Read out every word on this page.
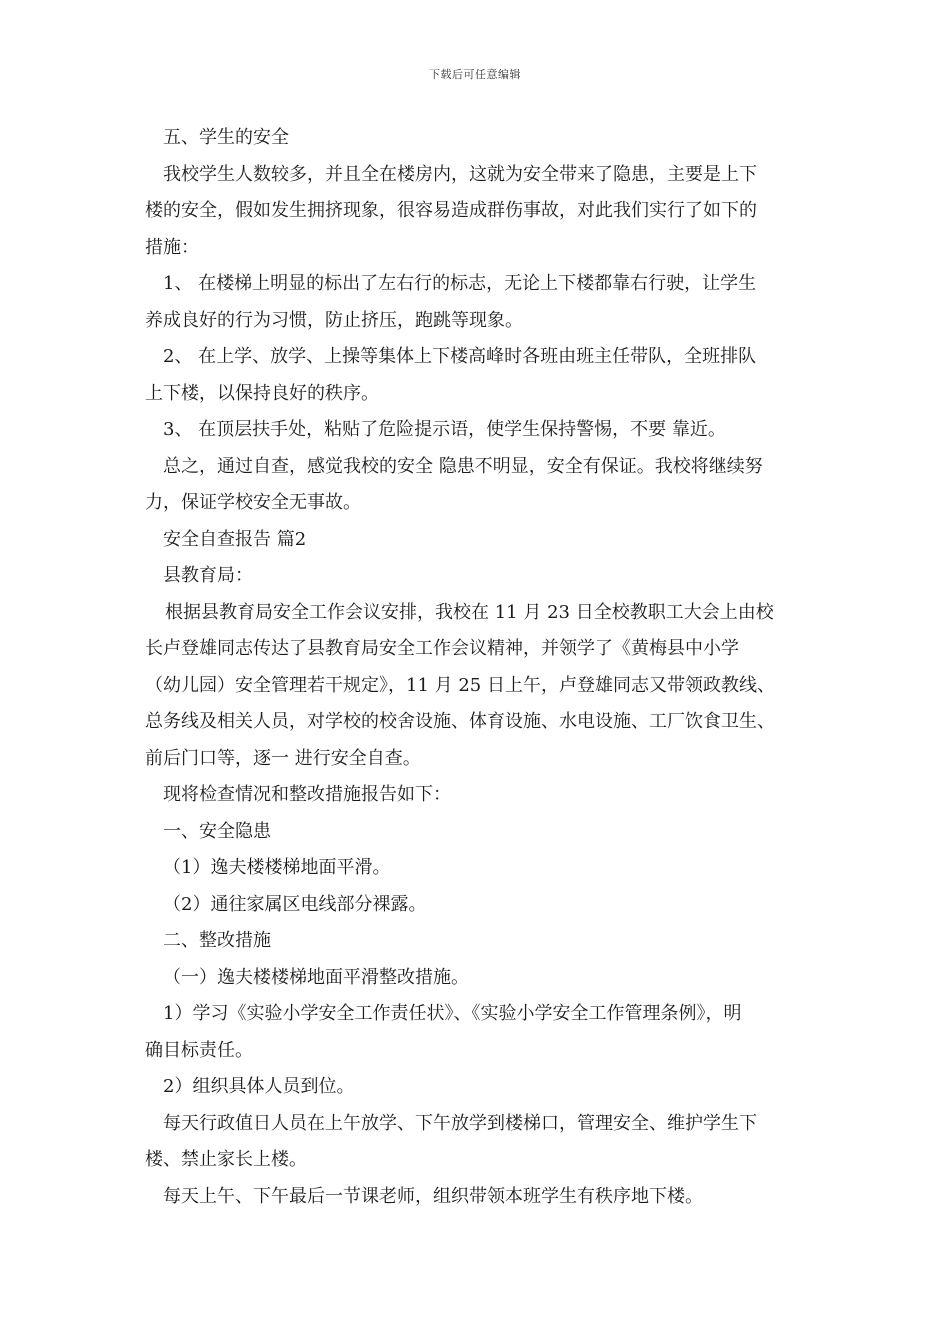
下载后可任意编辑
五、学生的安全
我校学生人数较多，并且全在楼房内，这就为安全带来了隐患，主要是上下
楼的安全，假如发生拥挤现象，很容易造成群伤事故，对此我们实行了如下的
措施：
1、 在楼梯上明显的标出了左右行的标志，无论上下楼都靠右行驶，让学生
养成良好的行为习惯，防止挤压，跑跳等现象。
2、 在上学、放学、上操等集体上下楼高峰时各班由班主任带队，全班排队
上下楼，以保持良好的秩序。
3、 在顶层扶手处，粘贴了危险提示语，使学生保持警惕，不要 靠近。
总之，通过自查，感觉我校的安全 隐患不明显，安全有保证。我校将继续努
力，保证学校安全无事故。
安全自查报告 篇2
县教育局：
根据县教育局安全工作会议安排，我校在 11 月 23 日全校教职工大会上由校
长卢登雄同志传达了县教育局安全工作会议精神，并领学了《黄梅县中小学
（幼儿园）安全管理若干规定》，11 月 25 日上午，卢登雄同志又带领政教线、
总务线及相关人员，对学校的校舍设施、体育设施、水电设施、工厂饮食卫生、
前后门口等，逐一 进行安全自查。
现将检查情况和整改措施报告如下：
一、安全隐患
（1）逸夫楼楼梯地面平滑。
（2）通往家属区电线部分裸露。
二、整改措施
（一）逸夫楼楼梯地面平滑整改措施。
1）学习《实验小学安全工作责任状》、《实验小学安全工作管理条例》，明
确目标责任。
2）组织具体人员到位。
每天行政值日人员在上午放学、下午放学到楼梯口，管理安全、维护学生下
楼、禁止家长上楼。
每天上午、下午最后一节课老师，组织带领本班学生有秩序地下楼。
